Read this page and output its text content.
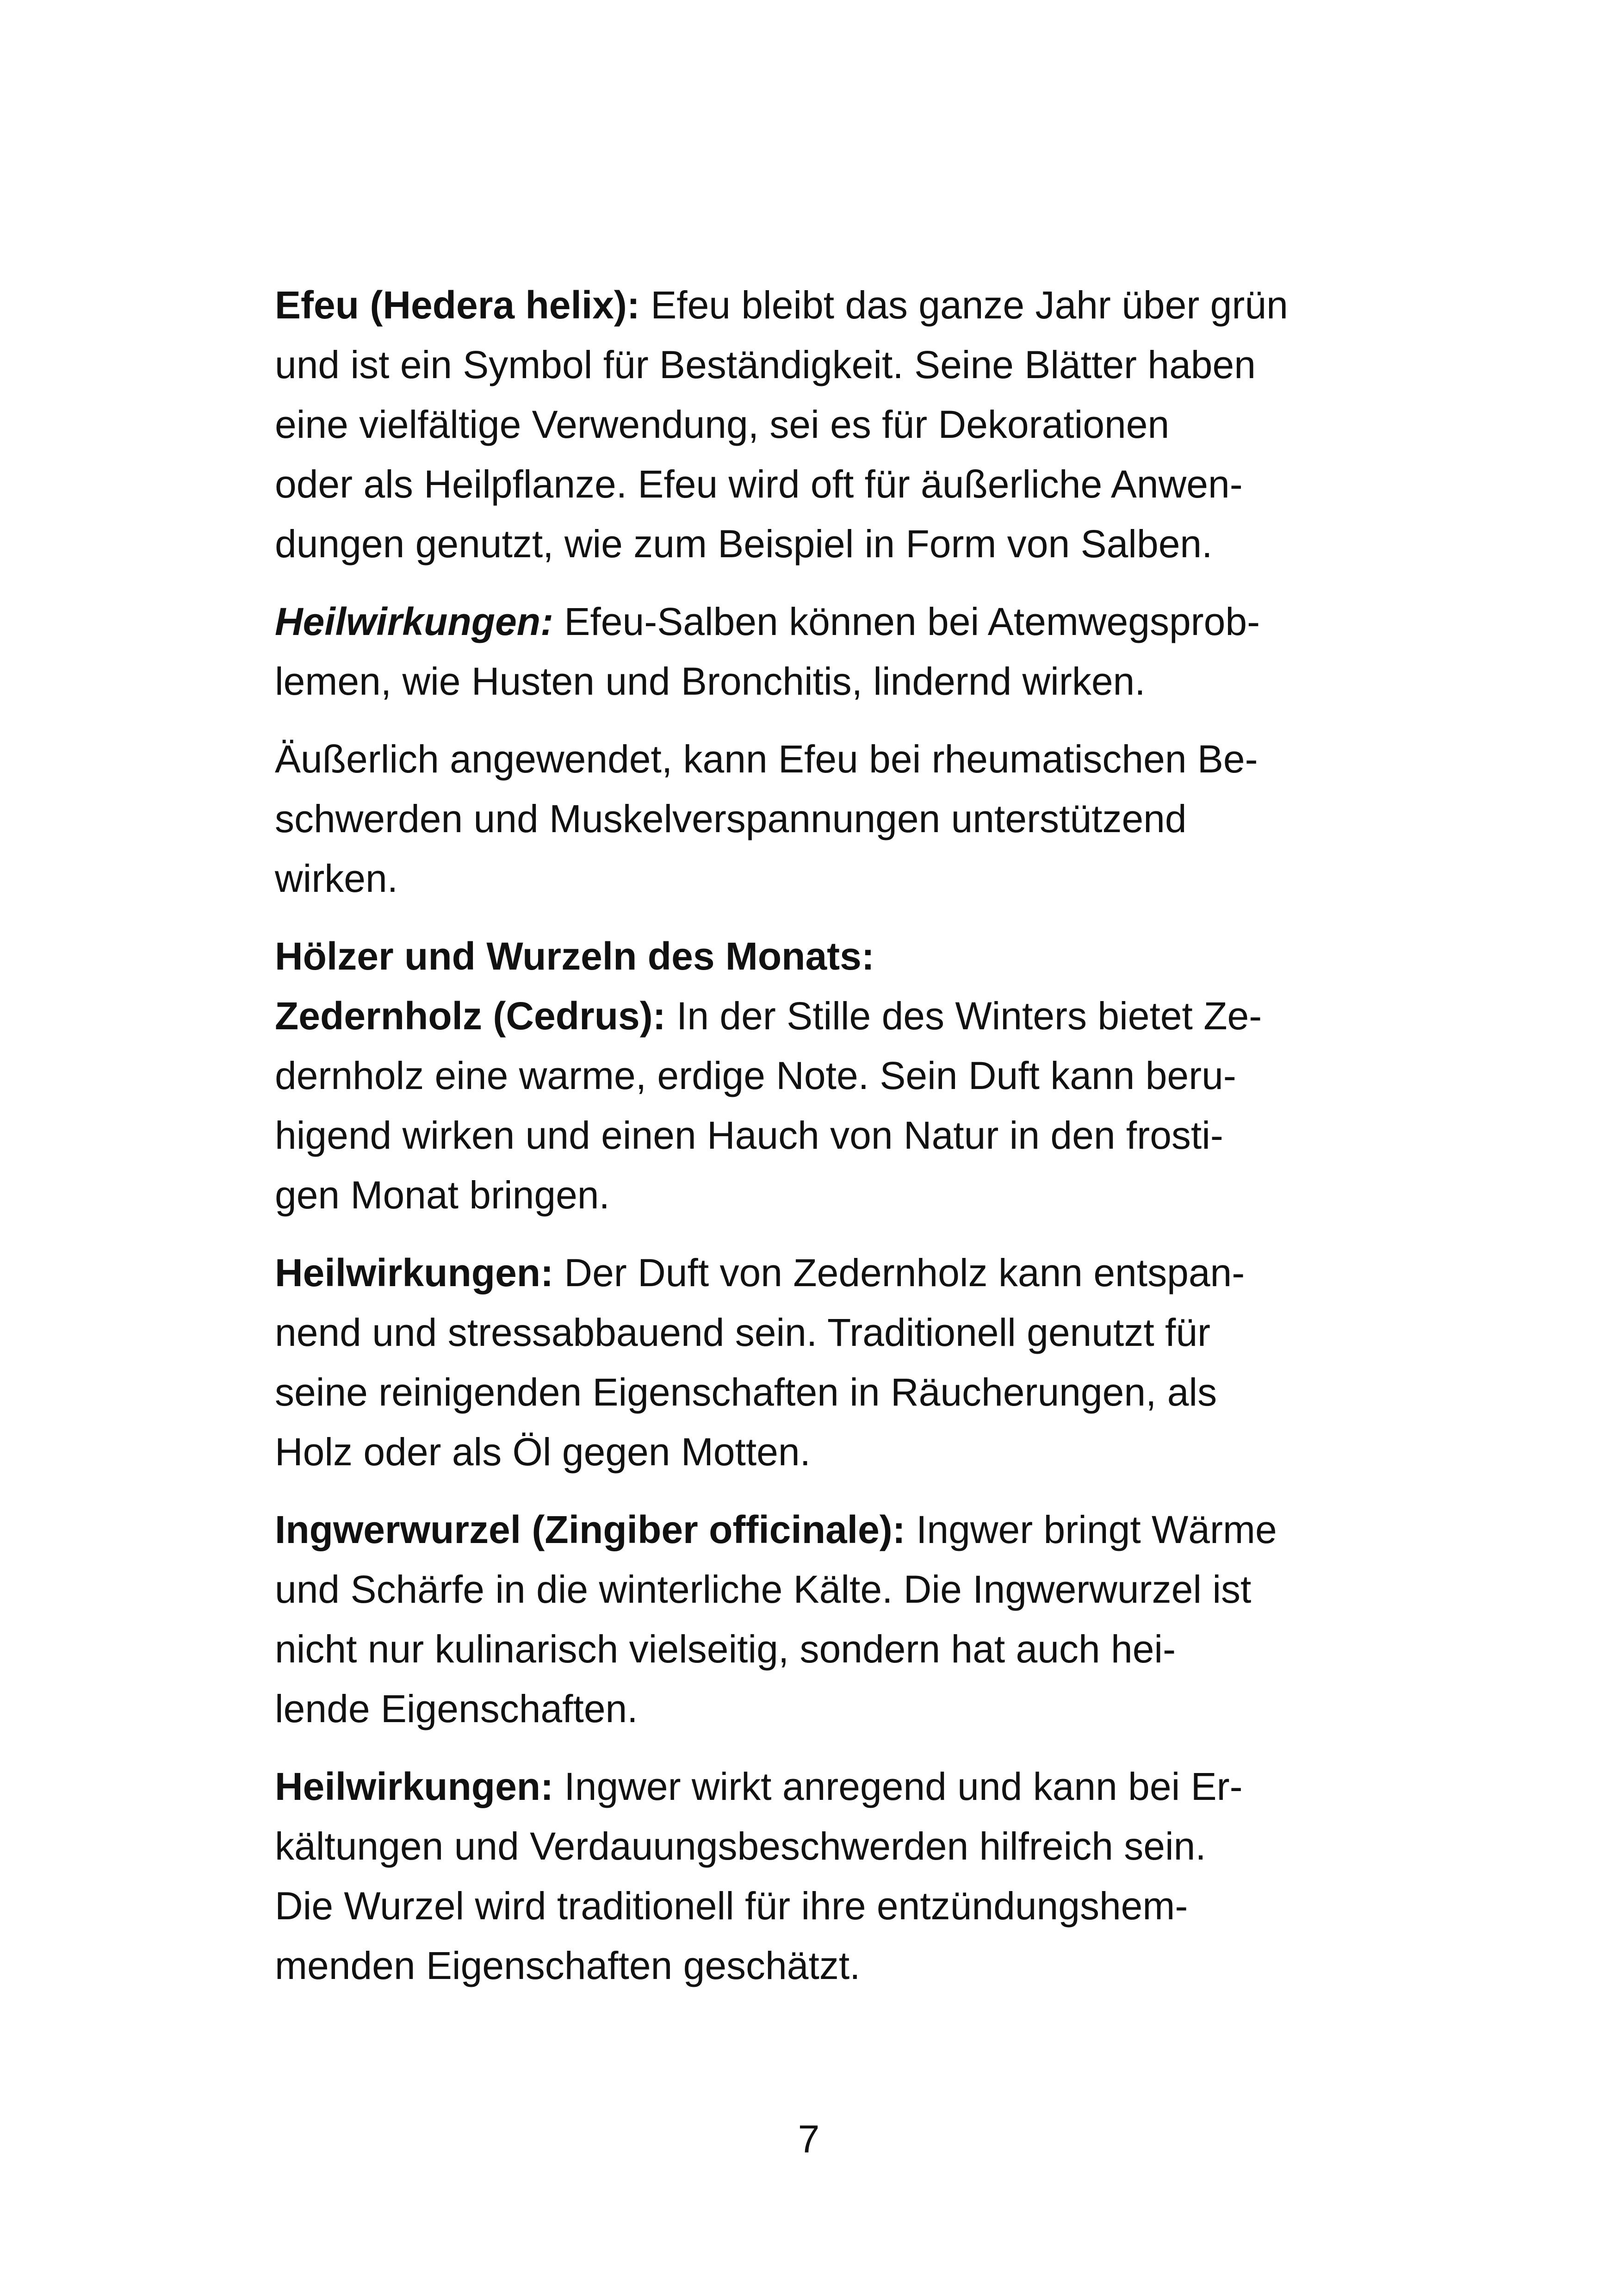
Efeu (Hedera helix): Efeu bleibt das ganze Jahr über grün
und ist ein Symbol für Beständigkeit. Seine Blätter haben
eine vielfältige Verwendung, sei es für Dekorationen
oder als Heilpflanze. Efeu wird oft für äußerliche Anwen-
dungen genutzt, wie zum Beispiel in Form von Salben.
Heilwirkungen: Efeu-Salben können bei Atemwegsprob-
lemen, wie Husten und Bronchitis, lindernd wirken.
Äußerlich angewendet, kann Efeu bei rheumatischen Be-
schwerden und Muskelverspannungen unterstützend
wirken.
Hölzer und Wurzeln des Monats:
Zedernholz (Cedrus): In der Stille des Winters bietet Ze-
dernholz eine warme, erdige Note. Sein Duft kann beru-
higend wirken und einen Hauch von Natur in den frosti-
gen Monat bringen.
Heilwirkungen: Der Duft von Zedernholz kann entspan-
nend und stressabbauend sein. Traditionell genutzt für
seine reinigenden Eigenschaften in Räucherungen, als
Holz oder als Öl gegen Motten.
Ingwerwurzel (Zingiber officinale): Ingwer bringt Wärme
und Schärfe in die winterliche Kälte. Die Ingwerwurzel ist
nicht nur kulinarisch vielseitig, sondern hat auch hei-
lende Eigenschaften.
Heilwirkungen: Ingwer wirkt anregend und kann bei Er-
kältungen und Verdauungsbeschwerden hilfreich sein.
Die Wurzel wird traditionell für ihre entzündungshem-
menden Eigenschaften geschätzt.
7
